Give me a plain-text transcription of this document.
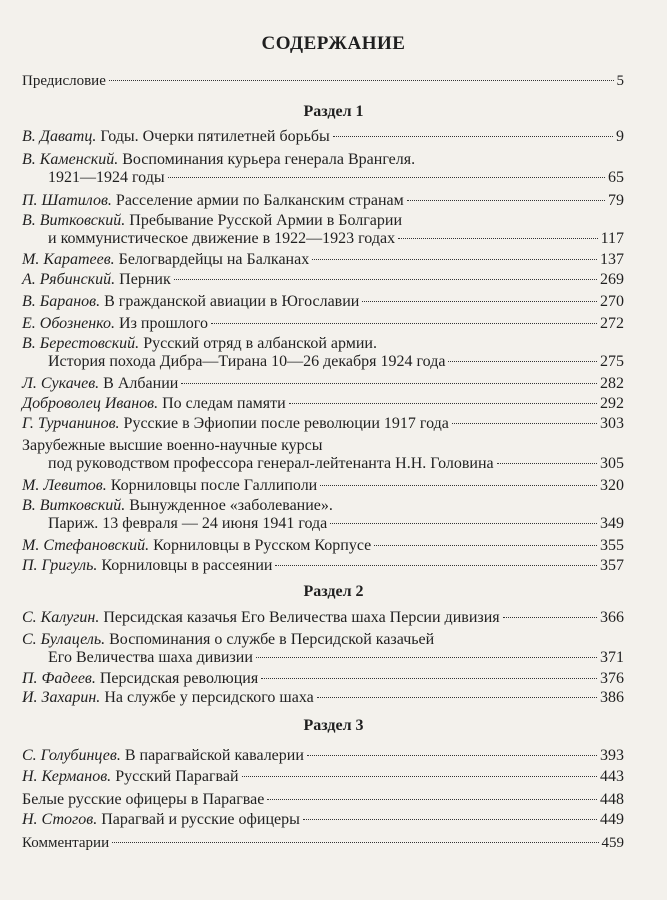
СОДЕРЖАНИЕ
Предисловие	5
Раздел 1
В. Даватц. Годы. Очерки пятилетней борьбы	9
В. Каменский. Воспоминания курьера генерала Врангеля.
1921—1924 годы	65
П. Шатилов. Расселение армии по Балканским странам	79
В. Витковский. Пребывание Русской Армии в Болгарии
и коммунистическое движение в 1922—1923 годах	117
М. Каратеев. Белогвардейцы на Балканах	137
А. Рябинский. Перник	269
В. Баранов. В гражданской авиации в Югославии	270
Е. Обозненко. Из прошлого	272
В. Берестовский. Русский отряд в албанской армии.
История похода Дибра—Тирана 10—26 декабря 1924 года	275
Л. Сукачев. В Албании	282
Доброволец Иванов. По следам памяти	292
Г. Турчанинов. Русские в Эфиопии после революции 1917 года	303
Зарубежные высшие военно-научные курсы
под руководством профессора генерал-лейтенанта Н.Н. Головина	305
М. Левитов. Корниловцы после Галлиполи	320
В. Витковский. Вынужденное «заболевание».
Париж. 13 февраля — 24 июня 1941 года	349
М. Стефановский. Корниловцы в Русском Корпусе	355
П. Григуль. Корниловцы в рассеянии	357
Раздел 2
С. Калугин. Персидская казачья Его Величества шаха Персии дивизия	366
С. Булацель. Воспоминания о службе в Персидской казачьей
Его Величества шаха дивизии	371
П. Фадеев. Персидская революция	376
И. Захарин. На службе у персидского шаха	386
Раздел 3
С. Голубинцев. В парагвайской кавалерии	393
Н. Керманов. Русский Парагвай	443
Белые русские офицеры в Парагвае	448
Н. Стогов. Парагвай и русские офицеры	449
Комментарии	459
